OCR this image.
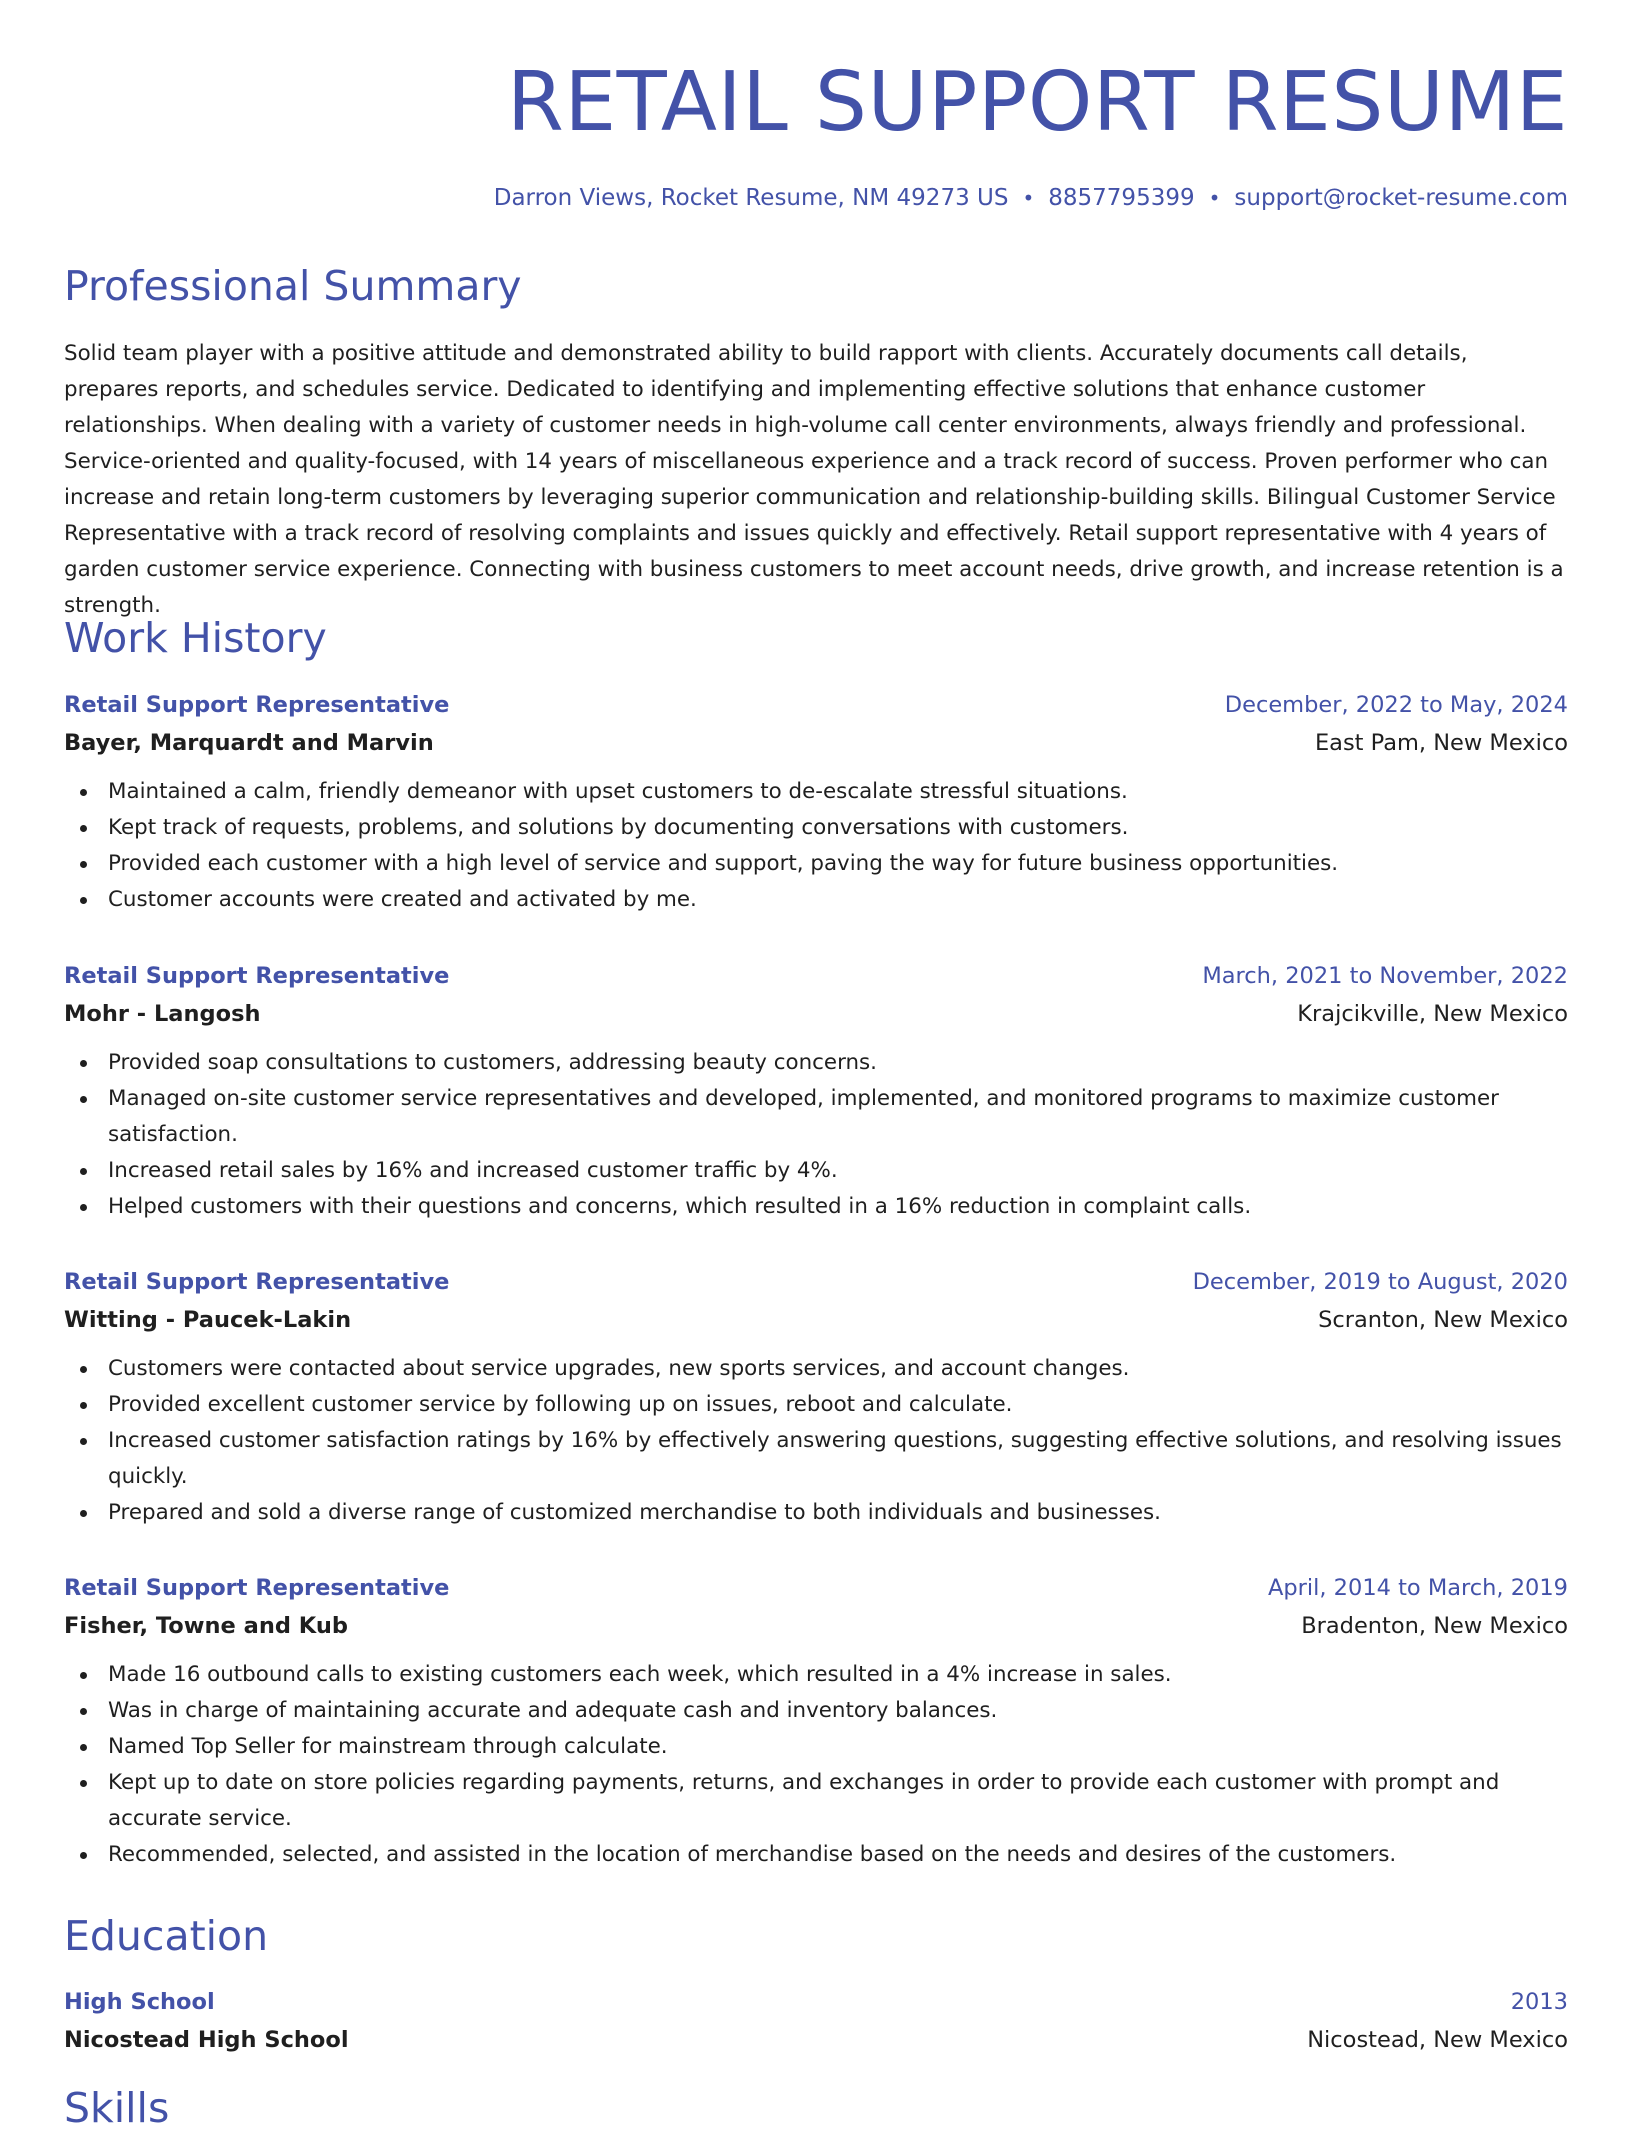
RETAIL SUPPORT RESUME
Darron Views, Rocket Resume, NM 49273 US • 8857795399 • support@rocket-resume.com
Professional Summary

Solid team player with a positive attitude and demonstrated ability to build rapport with clients. Accurately documents call details, prepares reports, and schedules service. Dedicated to identifying and implementing effective solutions that enhance customer relationships. When dealing with a variety of customer needs in high-volume call center environments, always friendly and professional. Service-oriented and quality-focused, with 14 years of miscellaneous experience and a track record of success. Proven performer who can increase and retain long-term customers by leveraging superior communication and relationship-building skills. Bilingual Customer Service Representative with a track record of resolving complaints and issues quickly and effectively. Retail support representative with 4 years of garden customer service experience. Connecting with business customers to meet account needs, drive growth, and increase retention is a strength.

Work History
Retail Support Representative	December, 2022 to May, 2024
Bayer, Marquardt and Marvin	East Pam, New Mexico
Maintained a calm, friendly demeanor with upset customers to de-escalate stressful situations.
Kept track of requests, problems, and solutions by documenting conversations with customers.
Provided each customer with a high level of service and support, paving the way for future business opportunities.
Customer accounts were created and activated by me.
Retail Support Representative	March, 2021 to November, 2022
Mohr - Langosh	Krajcikville, New Mexico
Provided soap consultations to customers, addressing beauty concerns.
Managed on-site customer service representatives and developed, implemented, and monitored programs to maximize customer satisfaction.
Increased retail sales by 16% and increased customer traffic by 4%.
Helped customers with their questions and concerns, which resulted in a 16% reduction in complaint calls.
Retail Support Representative	December, 2019 to August, 2020
Witting - Paucek-Lakin	Scranton, New Mexico
Customers were contacted about service upgrades, new sports services, and account changes.
Provided excellent customer service by following up on issues, reboot and calculate.
Increased customer satisfaction ratings by 16% by effectively answering questions, suggesting effective solutions, and resolving issues quickly.
Prepared and sold a diverse range of customized merchandise to both individuals and businesses.
Retail Support Representative	April, 2014 to March, 2019
Fisher, Towne and Kub	Bradenton, New Mexico
Made 16 outbound calls to existing customers each week, which resulted in a 4% increase in sales.
Was in charge of maintaining accurate and adequate cash and inventory balances.
Named Top Seller for mainstream through calculate.
Kept up to date on store policies regarding payments, returns, and exchanges in order to provide each customer with prompt and accurate service.
Recommended, selected, and assisted in the location of merchandise based on the needs and desires of the customers.
Education
High School	2013
Nicostead High School	Nicostead, New Mexico
Skills
